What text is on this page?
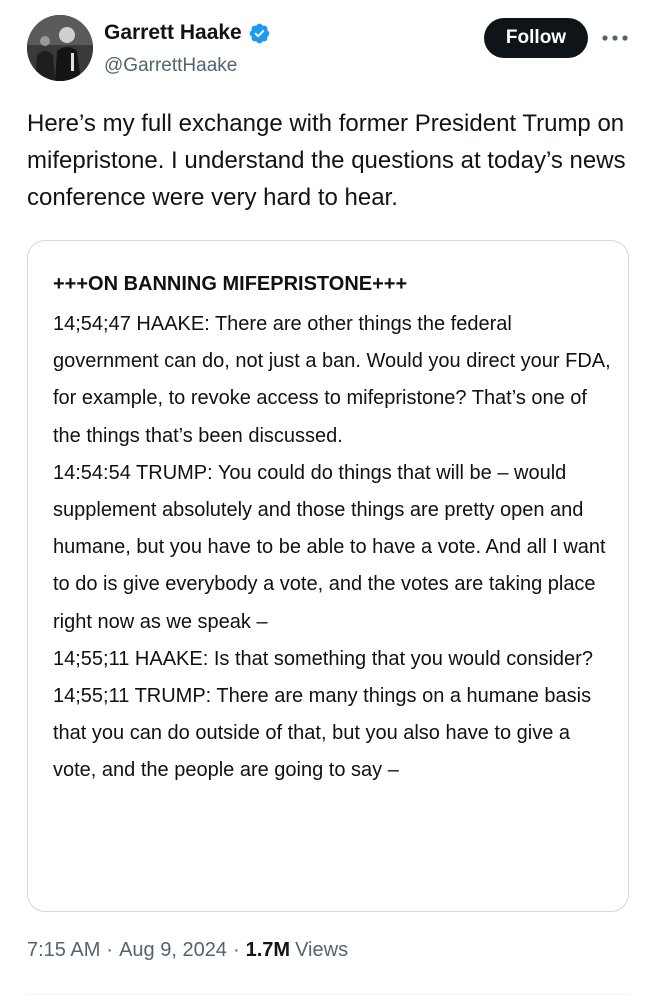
Garrett Haake
@GarrettHaake
Follow
Here’s my full exchange with former President Trump on mifepristone. I understand the questions at today’s news conference were very hard to hear.
+++ON BANNING MIFEPRISTONE+++

14;54;47 HAAKE: There are other things the federal government can do, not just a ban. Would you direct your FDA, for example, to revoke access to mifepristone? That’s one of the things that’s been discussed.

14:54:54 TRUMP: You could do things that will be – would supplement absolutely and those things are pretty open and humane, but you have to be able to have a vote. And all I want to do is give everybody a vote, and the votes are taking place right now as we speak –

14;55;11 HAAKE: Is that something that you would consider?

14;55;11 TRUMP: There are many things on a humane basis that you can do outside of that, but you also have to give a vote, and the people are going to say –

7:15 AM · Aug 9, 2024 · 1.7M Views
